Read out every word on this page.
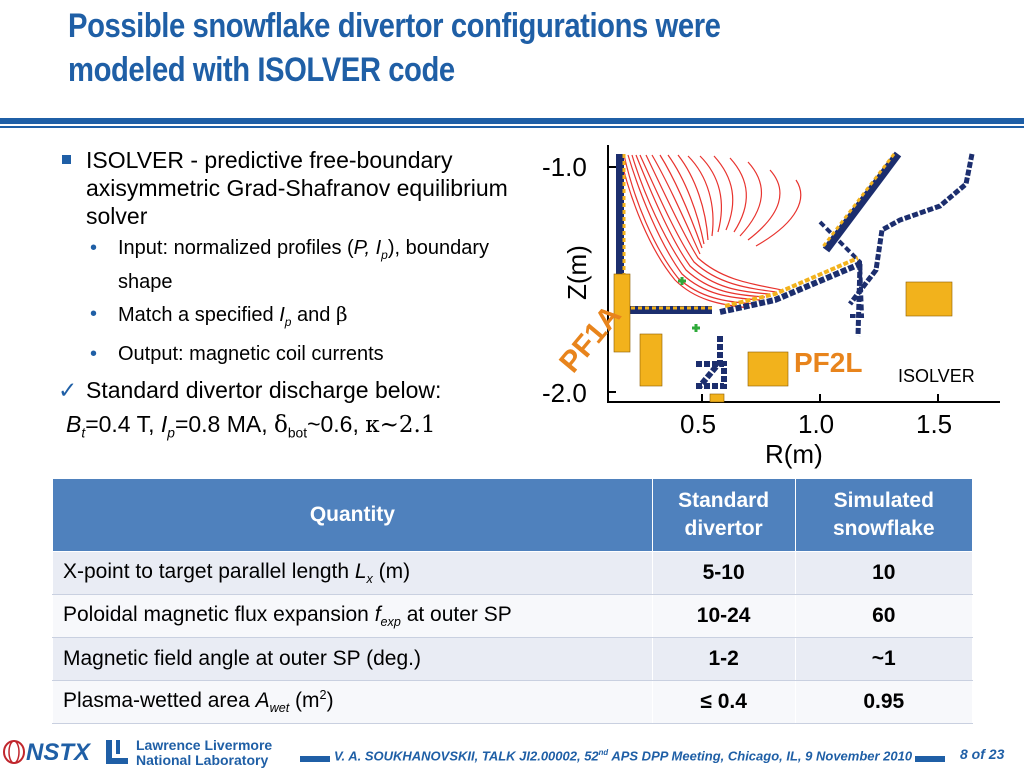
Possible snowflake divertor configurations were
modeled with ISOLVER code
ISOLVER - predictive free-boundary axisymmetric Grad-Shafranov equilibrium solver
• Input: normalized profiles (P, $I_p$), boundary shape
• Match a specified $I_p$ and β
• Output: magnetic coil currents
✓ Standard divertor discharge below:
$B_t=0.4$ T, $I_p=0.8$ MA, $\delta_{bot}\sim 0.6$, κ~2.1
-1.0
-2.0
0.5	1.0	1.5
R(m)
Z(m)
PF1A	PF2L ISOLVER
Quantity	Standard divertor	Simulated snowflake
X-point to target parallel length $L_x$ (m)	5-10	10
Poloidal magnetic flux expansion $f_{exp}$ at outer SP	10-24	60
Magnetic field angle at outer SP (deg.)	1-2	~1
Plasma-wetted area $A_{wet}$ $(m^2)$	≤ 0.4	0.95
NSTX	Lawrence Livermore
National Laboratory	V. A. SOUKHANOVSKII, TALK JI2.00002, 52nd APS DPP Meeting, Chicago, IL, 9 November 2010	8 of 23
